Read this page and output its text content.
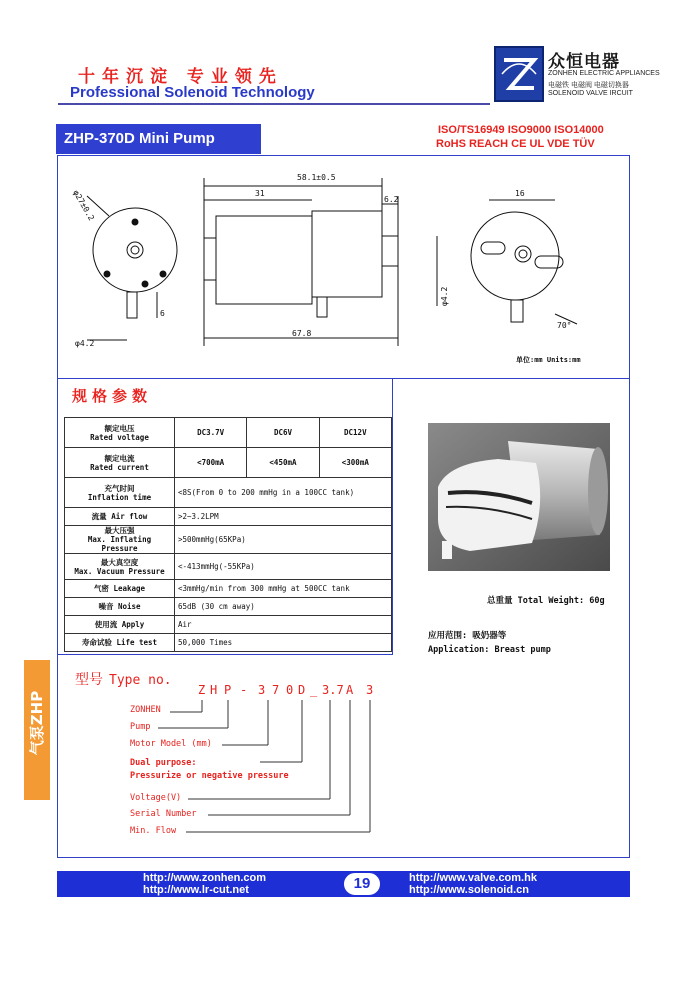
十年沉淀 专业领先
Professional Solenoid Technology
众恒电器
ZONHEN ELECTRIC APPLIANCES
电磁铁 电磁阀 电磁切换器
SOLENOID VALVE IRCUIT
ZHP-370D Mini Pump	ISO/TS16949 ISO9000 ISO14000
RoHS REACH CE UL VDE TÜV
58.1±0.5
31
6.2
67.8
φ27±0.2
φ4.2
6
φ4.2
16
70°
单位:mm Units:mm
规格参数
额定电压
Rated voltage	DC3.7V	DC6V	DC12V
额定电流
Rated current	<700mA	<450mA	<300mA
充气时间
Inflation time	<8S(From 0 to 200 mmHg in a 100CC tank)		
流量 Air flow	>2~3.2LPM		
最大压强
Max. Inflating Pressure	>500mmHg(65KPa)		
最大真空度
Max. Vacuum Pressure	<-413mmHg(-55KPa)		
气密 Leakage	<3mmHg/min from 300 mmHg at 500CC tank		
噪音 Noise	65dB (30 cm away)		
使用流 Apply	Air		
寿命试验 Life test	50,000 Times		
总重量 Total Weight: 60g
应用范围: 吸奶器等
Application: Breast pump
型号 Type no.
Z H P - 3 7 0 D _ 3.7 A 3
ZONHEN
Pump
Motor Model (mm)
Dual purpose:
Pressurize or negative pressure
Voltage(V)
Serial Number
Min. Flow
气泵ZHP
http://www.zonhen.com
http://www.lr-cut.net	19	http://www.valve.com.hk
http://www.solenoid.cn
